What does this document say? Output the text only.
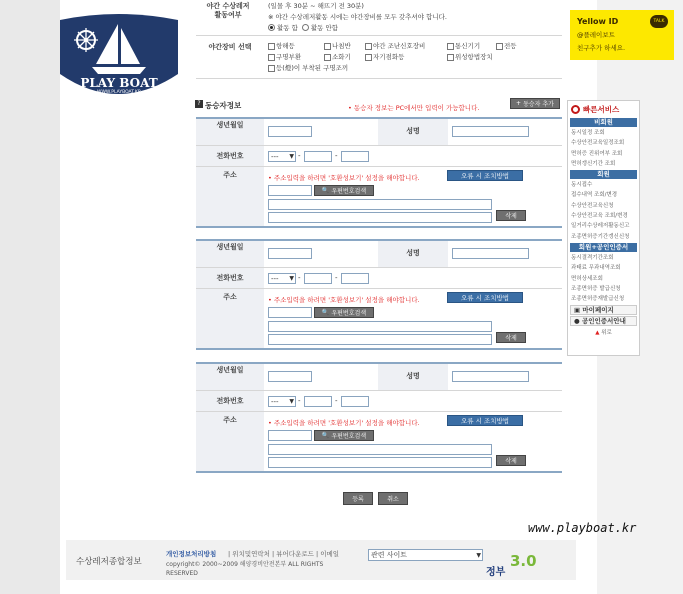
PLAY BOAT
WWW.PLAYBOAT.KR
야간 수상레저
활동여부
(일몰 후 30분 ~ 해뜨기 전 30분)
※ 야간 수상레저활동 시에는 야간장비를 모두 갖추셔야 합니다.
활동 함 활동 안함
야간장비 선택	항해등	나침반	야간 조난신호장비	통신기기	전등
구명부환	소화기	자기점화등	위성항법장치
등(燈)이 부착된 구명조끼
Yellow ID
@플레이보트
친구추가 하세요.
TALK
? 동승자정보	• 동승자 정보는 PC에서만 입력이 가능합니다.
+ 동승자 추가
생년월일
성명
전화번호	--- ▼ -	-
주소	• 주소입력을 하려면 '호환성보기' 설정을 해야합니다.	오류 시 조치방법
🔍 우편번호검색
삭제
생년월일
성명
전화번호	--- ▼ -	-
주소	• 주소입력을 하려면 '호환성보기' 설정을 해야합니다.	오류 시 조치방법
🔍 우편번호검색
삭제
생년월일
성명
전화번호	--- ▼ -	-
주소	• 주소입력을 하려면 '호환성보기' 설정을 해야합니다.	오류 시 조치방법
🔍 우편번호검색
삭제
등록	취소
빠른서비스
비회원
동시일정 조회
수상안전교육일정조회
면허증 진위여부 조회
면허갱신기간 조회
회원
동시접수
접수내역 조회/변경
수상안전교육신청
수상안전교육 조회/변경
일거리수상레저활동신고
조종면허증기간갱신신청
회원+공인인증서
동시결격기간조회
과태료 무과내역조회
면허상세조회
조종면허증 발급신청
조종면허증재발급신청
▣ 마이페이지
● 공인인증서안내
▲ 위로
www.playboat.kr
수상레저종합정보
개인정보처리방침 | 위치및연락처 | 뷰어다운로드 | 이메일
copyright© 2000~2009 해양경비안전본부 ALL RIGHTS RESERVED
관련 사이트	▼
정부
3.0
